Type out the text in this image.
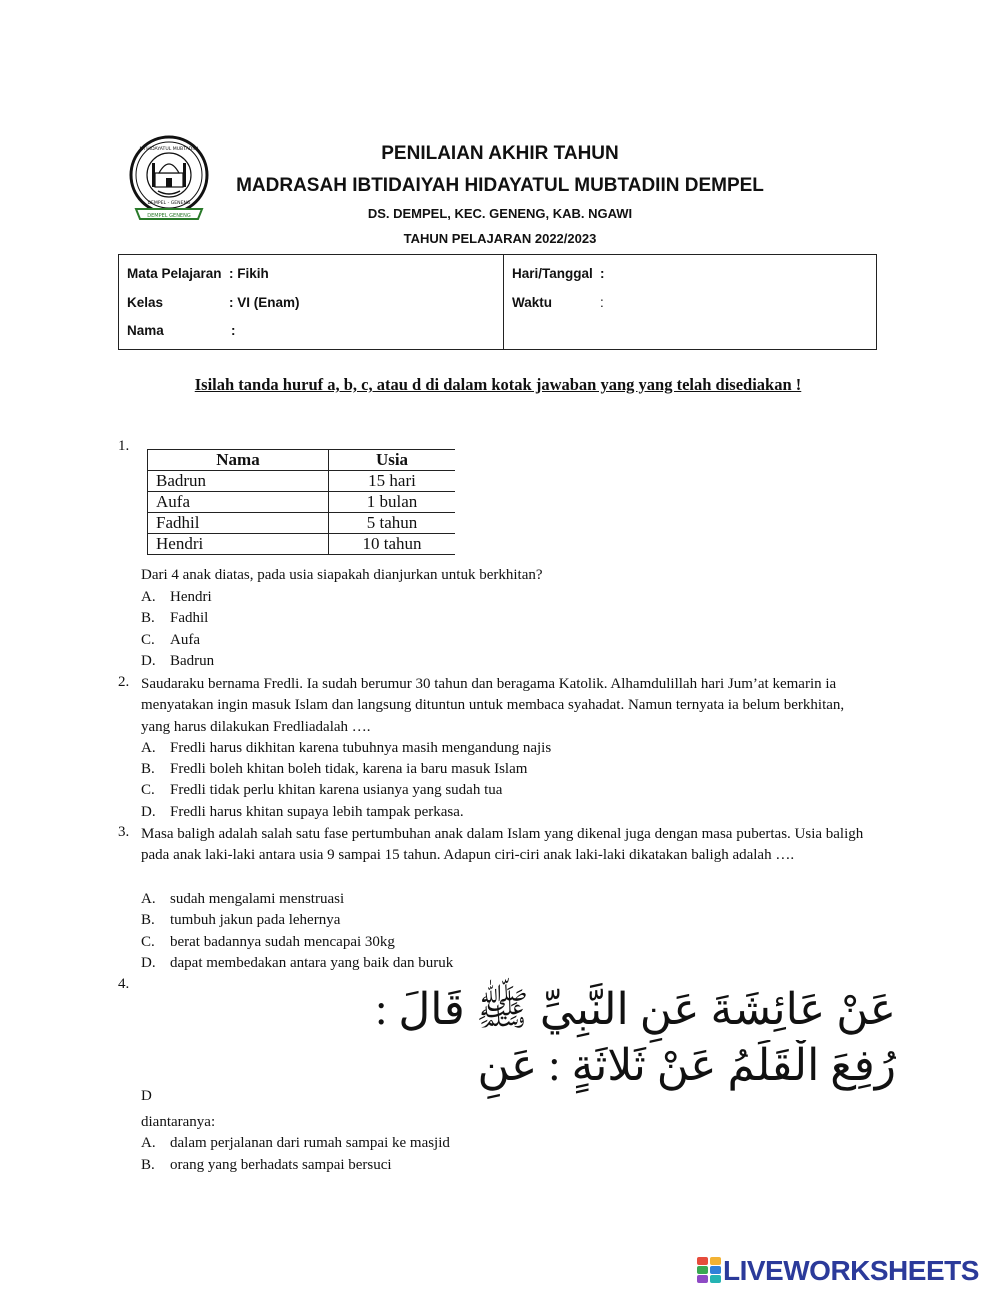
DEMPEL GENENG
MI HIDAYATUL MUBTADIIN
DEMPEL - GENENG
PENILAIAN AKHIR TAHUN
MADRASAH IBTIDAIYAH HIDAYATUL MUBTADIIN DEMPEL
DS. DEMPEL, KEC. GENENG, KAB. NGAWI
TAHUN PELAJARAN 2022/2023
Mata Pelajaran : Fikih
Kelas	: VI (Enam)
Nama	:
Hari/Tanggal :
Waktu	:
Isilah tanda huruf a, b, c, atau d di dalam kotak jawaban yang yang telah disediakan !
1.
Nama	Usia
Badrun	15 hari
Aufa	1 bulan
Fadhil	5 tahun
Hendri	10 tahun
Dari 4 anak diatas, pada usia siapakah dianjurkan untuk berkhitan?
A. Hendri
B. Fadhil
C. Aufa
D. Badrun
2. Saudaraku bernama Fredli. Ia sudah berumur 30 tahun dan beragama Katolik. Alhamdulillah hari Jum’at kemarin ia menyatakan ingin masuk Islam dan langsung dituntun untuk membaca syahadat. Namun ternyata ia belum berkhitan, yang harus dilakukan Fredliadalah ….
A. Fredli harus dikhitan karena tubuhnya masih mengandung najis
B. Fredli boleh khitan boleh tidak, karena ia baru masuk Islam
C. Fredli tidak perlu khitan karena usianya yang sudah tua
D. Fredli harus khitan supaya lebih tampak perkasa.
3. Masa baligh adalah salah satu fase pertumbuhan anak dalam Islam yang dikenal juga dengan masa pubertas. Usia baligh pada anak laki-laki antara usia 9 sampai 15 tahun. Adapun ciri-ciri anak laki-laki dikatakan baligh adalah ….
A. sudah mengalami menstruasi
B. tumbuh jakun pada lehernya
C. berat badannya sudah mencapai 30kg
D. dapat membedakan antara yang baik dan buruk
4.
D
عَنْ عَائِشَةَ عَنِ النَّبِيِّ ﷺ قَالَ :
رُفِعَ الْقَلَمُ عَنْ ثَلاثَةٍ : عَنِ
diantaranya:
A. dalam perjalanan dari rumah sampai ke masjid
B. orang yang berhadats sampai bersuci
LIVEWORKSHEETS
